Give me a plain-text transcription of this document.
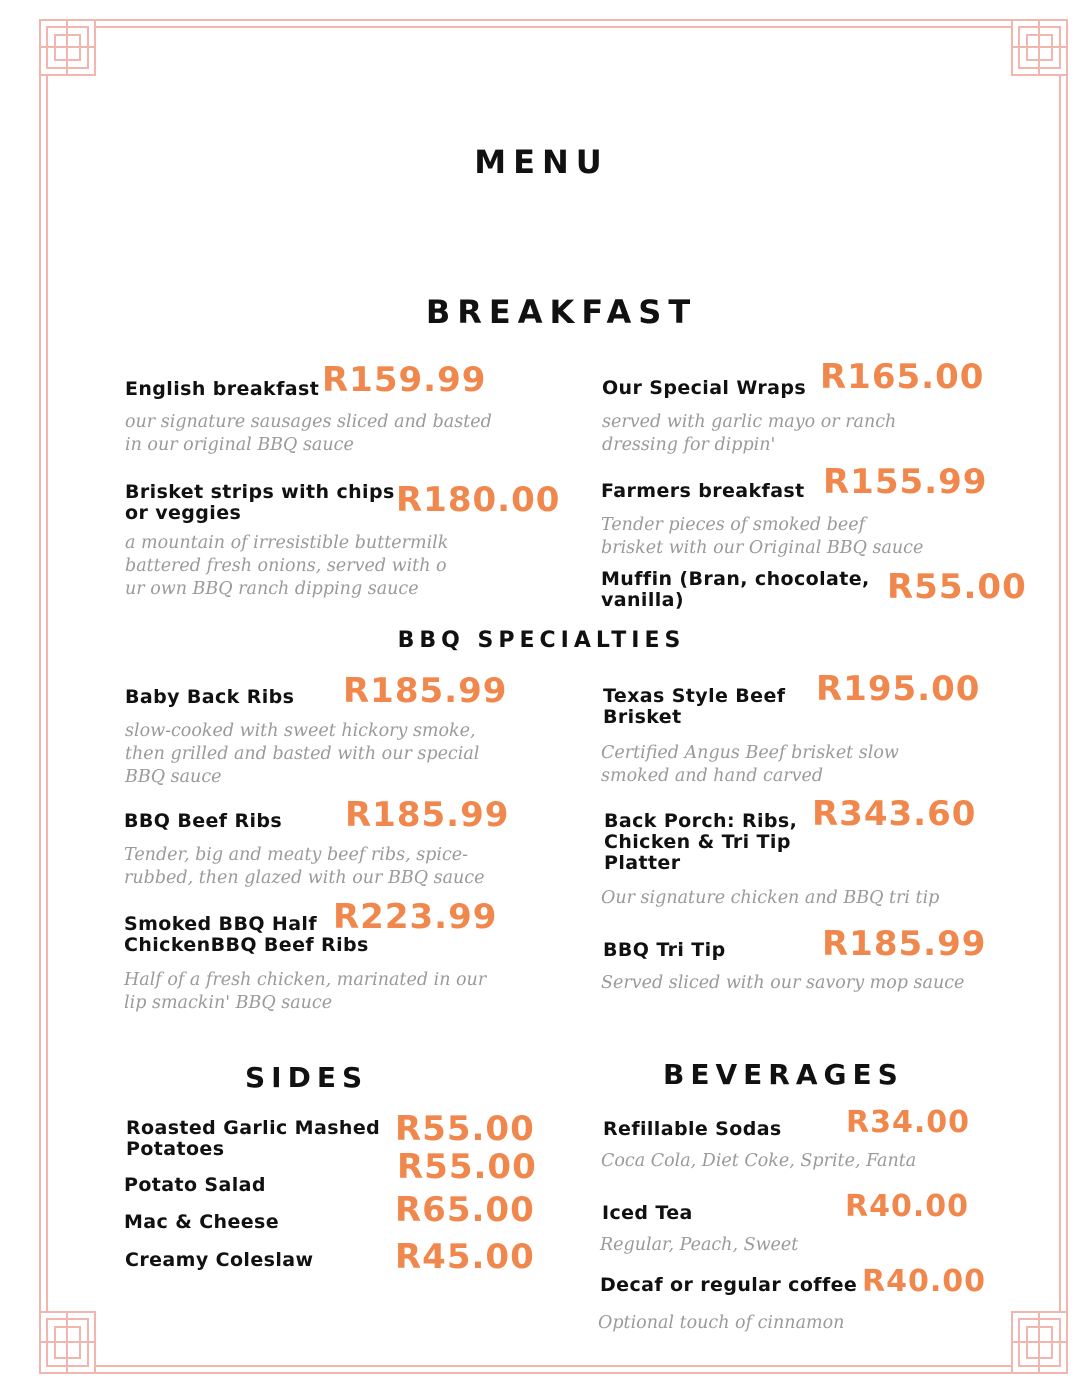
MENU
BREAKFAST
English breakfast R159.99
our signature sausages sliced and basted in our original BBQ sauce
Brisket strips with chips or veggies	R180.00
a mountain of irresistible buttermilk battered fresh onions, served with o ur own BBQ ranch dipping sauce
Our Special Wraps R165.00
served with garlic mayo or ranch dressing for dippin'
Farmers breakfast R155.99
Tender pieces of smoked beef brisket with our Original BBQ sauce
Muffin (Bran, chocolate, vanilla)	R55.00
BBQ SPECIALTIES
Baby Back Ribs	R185.99
slow-cooked with sweet hickory smoke, then grilled and basted with our special BBQ sauce
BBQ Beef Ribs	R185.99
Tender, big and meaty beef ribs, spice-rubbed, then glazed with our BBQ sauce
Smoked BBQ Half ChickenBBQ Beef Ribs
R223.99
Half of a fresh chicken, marinated in our lip smackin' BBQ sauce
Texas Style Beef Brisket
R195.00
Certified Angus Beef brisket slow smoked and hand carved
Back Porch: Ribs, Chicken & Tri Tip Platter
R343.60
Our signature chicken and BBQ tri tip
BBQ Tri Tip	R185.99
Served sliced with our savory mop sauce
SIDES
Roasted Garlic Mashed Potatoes	R55.00
Potato Salad	R55.00
Mac & Cheese	R65.00
Creamy Coleslaw	R45.00
BEVERAGES
Refillable Sodas	R34.00
Coca Cola, Diet Coke, Sprite, Fanta
Iced Tea	R40.00
Regular, Peach, Sweet
Decaf or regular coffee R40.00
Optional touch of cinnamon
